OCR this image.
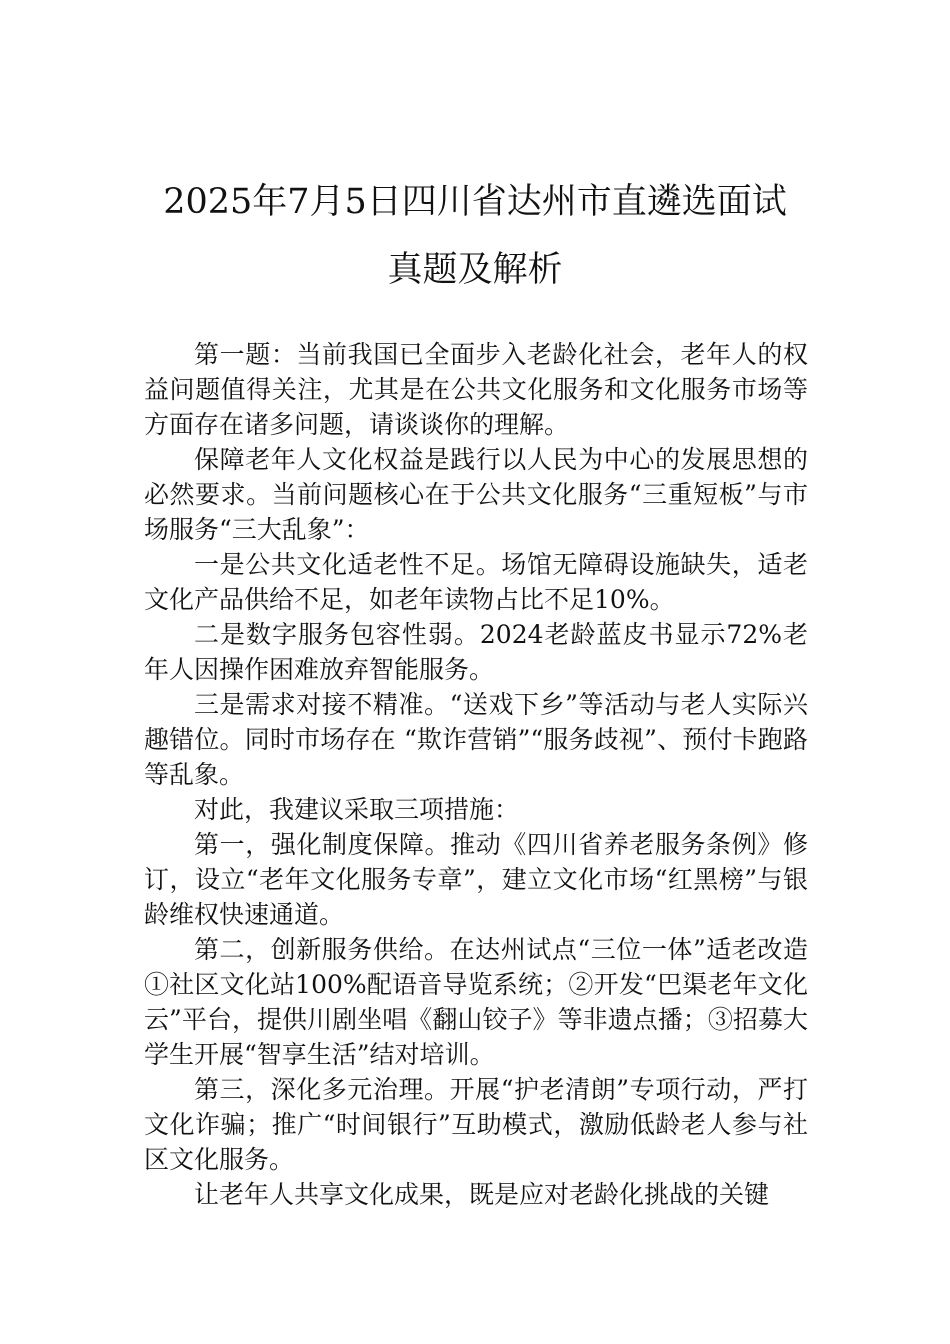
2025年7月5日四川省达州市直遴选面试
真题及解析

第一题：当前我国已全面步入老龄化社会，老年人的权益问题值得关注，尤其是在公共文化服务和文化服务市场等方面存在诸多问题，请谈谈你的理解。

保障老年人文化权益是践行以人民为中心的发展思想的必然要求。当前问题核心在于公共文化服务“三重短板”与市场服务“三大乱象”：

一是公共文化适老性不足。场馆无障碍设施缺失，适老文化产品供给不足，如老年读物占比不足10%。

二是数字服务包容性弱。2024老龄蓝皮书显示72%老年人因操作困难放弃智能服务。

三是需求对接不精准。“送戏下乡”等活动与老人实际兴趣错位。同时市场存在 “欺诈营销”“服务歧视”、预付卡跑路等乱象。

对此，我建议采取三项措施：

第一，强化制度保障。推动《四川省养老服务条例》修订，设立“老年文化服务专章”，建立文化市场“红黑榜”与银龄维权快速通道。

第二，创新服务供给。在达州试点“三位一体”适老改造①社区文化站100%配语音导览系统；②开发“巴渠老年文化云”平台，提供川剧坐唱《翻山铰子》等非遗点播；③招募大学生开展“智享生活”结对培训。

第三，深化多元治理。开展“护老清朗”专项行动，严打文化诈骗；推广“时间银行”互助模式，激励低龄老人参与社区文化服务。

让老年人共享文化成果，既是应对老龄化挑战的关键
